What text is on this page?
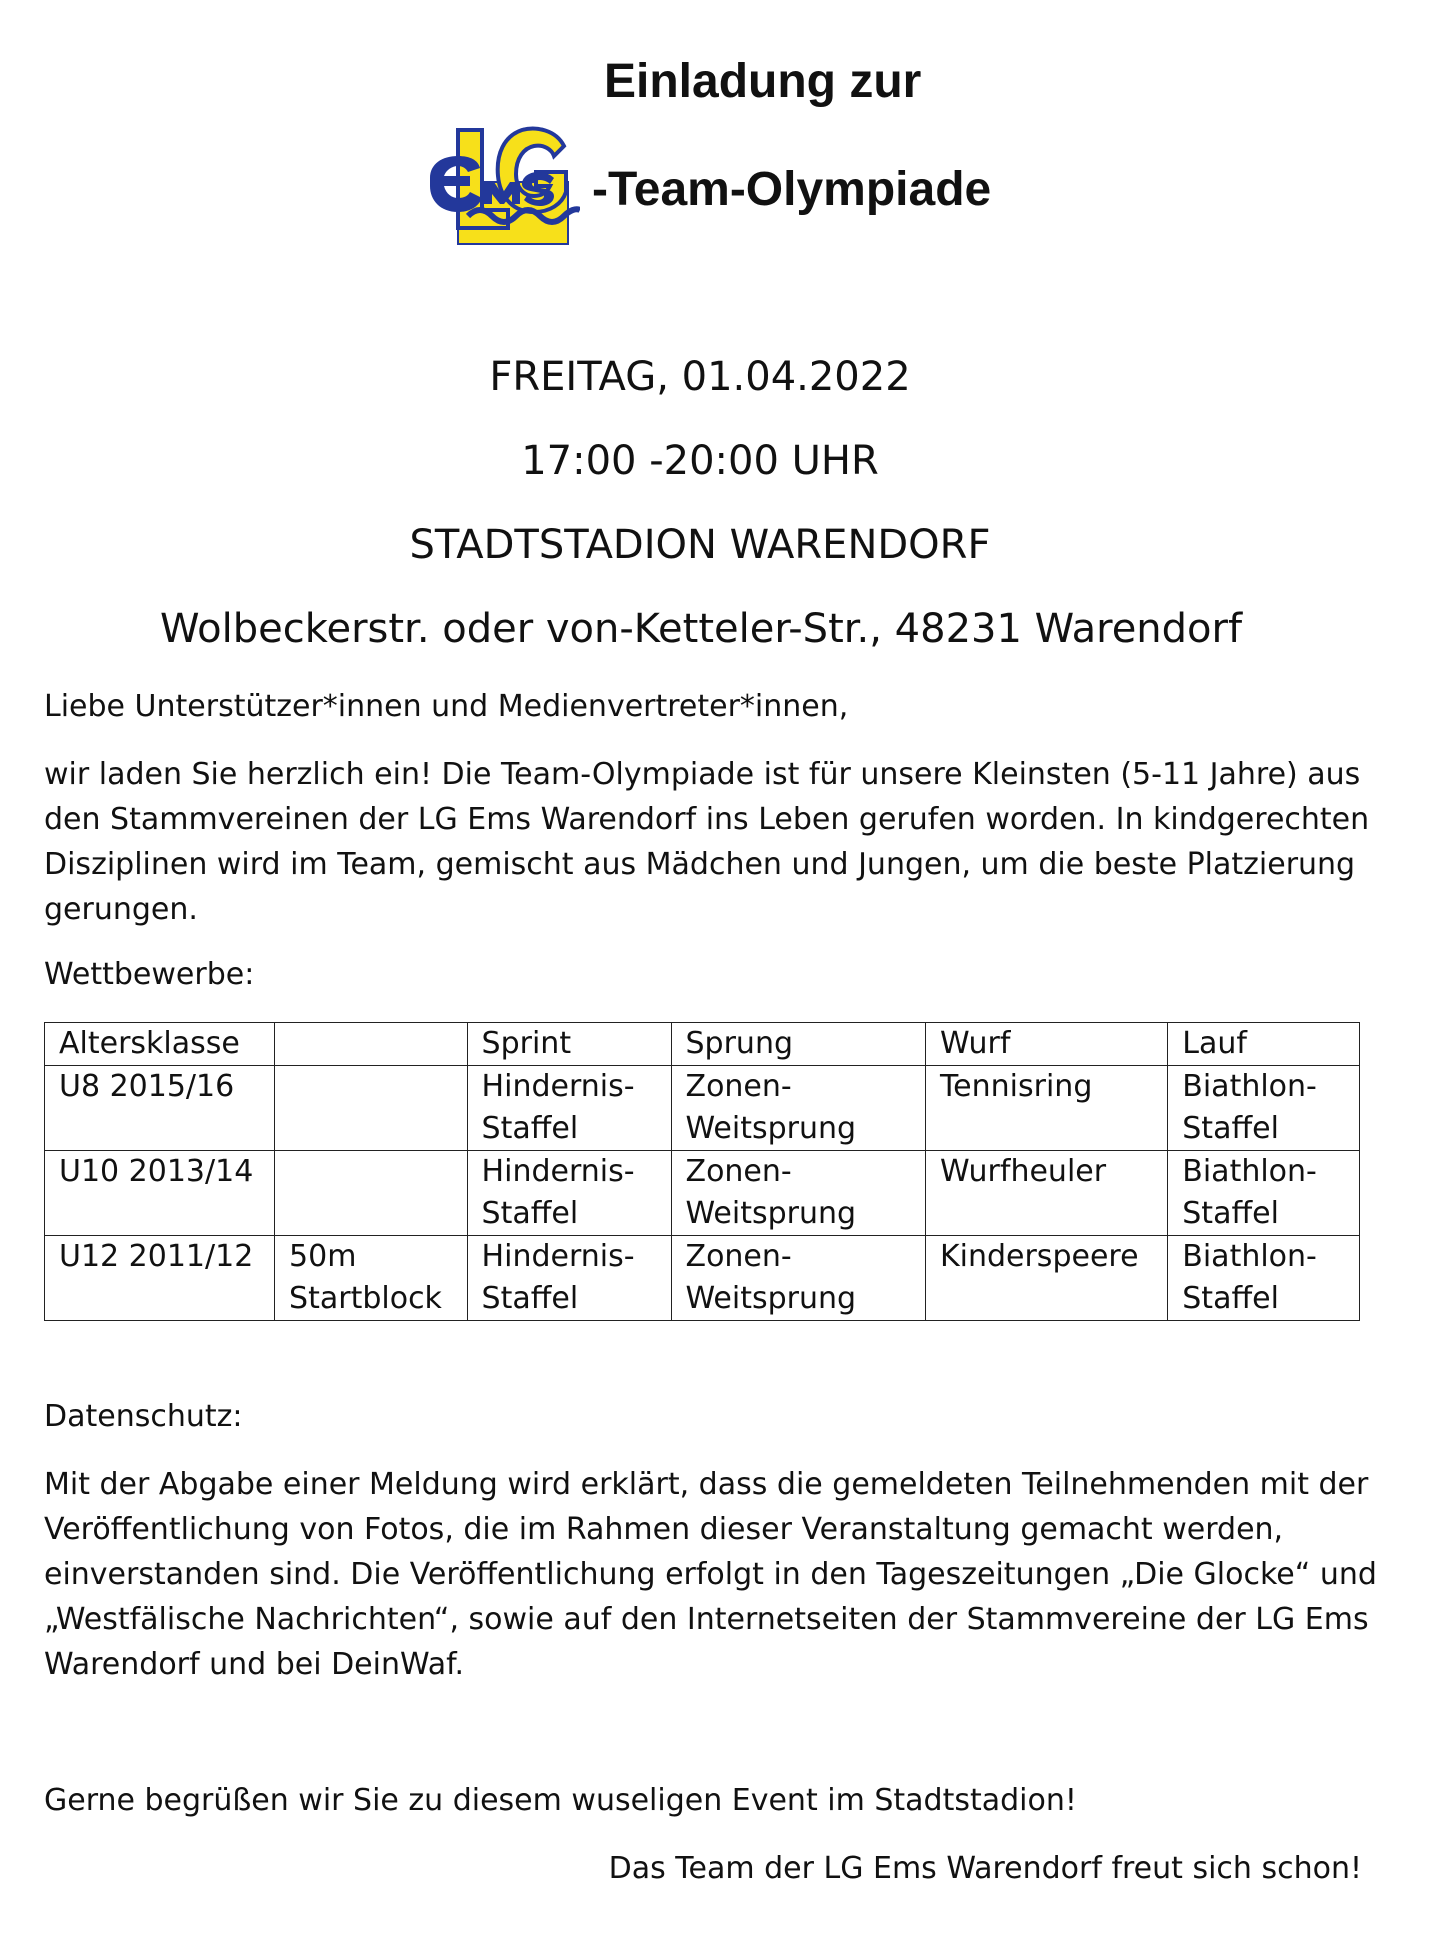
Einladung zur
-Team-Olympiade
FREITAG, 01.04.2022
17:00 -20:00 UHR
STADTSTADION WARENDORF
Wolbeckerstr. oder von-Ketteler-Str., 48231 Warendorf
Liebe Unterstützer*innen und Medienvertreter*innen,
wir laden Sie herzlich ein! Die Team-Olympiade ist für unsere Kleinsten (5-11 Jahre) aus den Stammvereinen der LG Ems Warendorf ins Leben gerufen worden. In kindgerechten Disziplinen wird im Team, gemischt aus Mädchen und Jungen, um die beste Platzierung gerungen.
Wettbewerbe:
Altersklasse		Sprint	Sprung	Wurf	Lauf
U8 2015/16		Hindernis-Staffel	Zonen-Weitsprung	Tennisring	Biathlon-Staffel
U10 2013/14		Hindernis-Staffel	Zonen-Weitsprung	Wurfheuler	Biathlon-Staffel
U12 2011/12	50m Startblock	Hindernis-Staffel	Zonen-Weitsprung	Kinderspeere	Biathlon-Staffel
Datenschutz:
Mit der Abgabe einer Meldung wird erklärt, dass die gemeldeten Teilnehmenden mit der Veröffentlichung von Fotos, die im Rahmen dieser Veranstaltung gemacht werden, einverstanden sind. Die Veröffentlichung erfolgt in den Tageszeitungen „Die Glocke“ und „Westfälische Nachrichten“, sowie auf den Internetseiten der Stammvereine der LG Ems Warendorf und bei DeinWaf.
Gerne begrüßen wir Sie zu diesem wuseligen Event im Stadtstadion!
Das Team der LG Ems Warendorf freut sich schon!
